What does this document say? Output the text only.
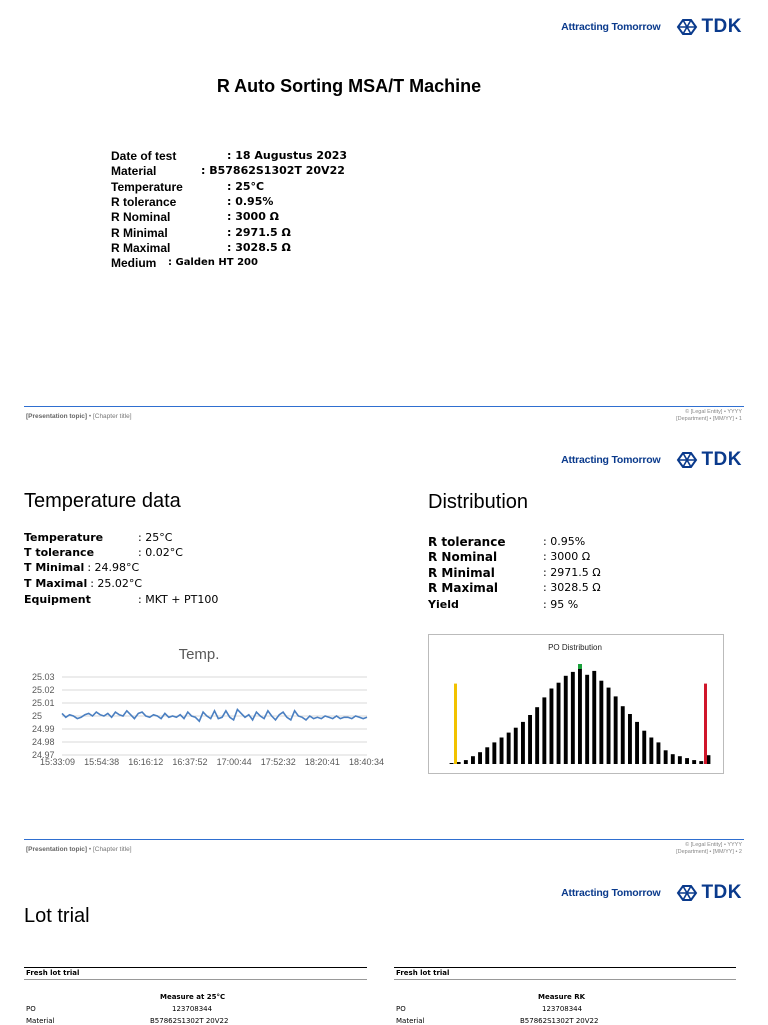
Attracting Tomorrow TDK
R Auto Sorting MSA/T Machine
Date of test	: 18 Augustus 2023
Material	: B57862S1302T 20V22
Temperature	: 25°C
R tolerance	: 0.95%
R Nominal	: 3000 Ω
R Minimal	: 2971.5 Ω
R Maximal	: 3028.5 Ω
Medium : Galden HT 200
[Presentation topic] • [Chapter title]
© [Legal Entity] • YYYY
[Department] • [MM/YY] • 1
Attracting Tomorrow TDK
[Presentation topic] • [Chapter title]
© [Legal Entity] • YYYY
[Department] • [MM/YY] • 2
Temperature data	Distribution
Temperature	: 25°C
T tolerance	: 0.02°C
T Minimal : 24.98°C
T Maximal : 25.02°C
Equipment	: MKT + PT100
R tolerance	: 0.95%
R Nominal	: 3000 Ω
R Minimal	: 2971.5 Ω
R Maximal	: 3028.5 Ω
Yield	: 95 %
Temp.
25.03
25.02
25.01
25
24.99
24.98
24.97
15:33:09 15:54:38 16:16:12 16:37:52 17:00:44 17:52:32 18:20:41 18:40:34
PO Distribution
Attracting Tomorrow TDK
Lot trial
Fresh lot trial
Measure at 25°C
PO	123708344
Material	B57862S1302T 20V22
Fresh lot trial
Measure RK
PO	123708344
Material	B57862S1302T 20V22
